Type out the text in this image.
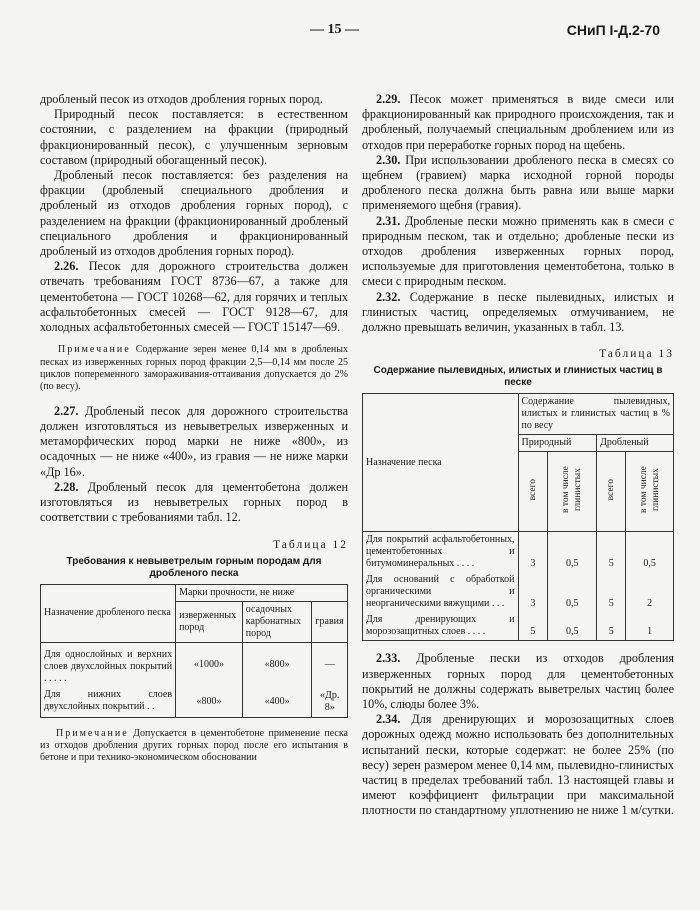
— 15 —	СНиП I-Д.2-70

дробленый песок из отходов дробления горных пород.

Природный песок поставляется: в естественном состоянии, с разделением на фракции (природный фракционированный песок), с улучшенным зерновым составом (природный обогащенный песок).

Дробленый песок поставляется: без разделения на фракции (дробленый специального дробления и дробленый из отходов дробления горных пород), с разделением на фракции (фракционированный дробленый специального дробления и фракционированный дробленый из отходов дробления горных пород).

2.26. Песок для дорожного строительства должен отвечать требованиям ГОСТ 8736—67, а также для цементобетона — ГОСТ 10268—62, для горячих и теплых асфальтобетонных смесей — ГОСТ 9128—67, для холодных асфальтобетонных смесей — ГОСТ 15147—69.

Примечание Содержание зерен менее 0,14 мм в дробленых песках из изверженных горных пород фракции 2,5—0,14 мм после 25 циклов попеременного замораживания-оттаивания допускается до 2% (по весу).

2.27. Дробленый песок для дорожного строительства должен изготовляться из невыветрелых изверженных и метаморфических пород марки не ниже «800», из осадочных — не ниже «400», из гравия — не ниже марки «Др 16».

2.28. Дробленый песок для цементобетона должен изготовляться из невыветрелых горных пород в соответствии с требованиями табл. 12.

Таблица 12
Требования к невыветрелым горным породам для дробленого песка
Назначение дробленого песка	Марки прочности, не ниже		
	изверженных пород	осадочных карбонатных пород	гравия
Для однослойных и верхних слоев двухслойных покрытий . . . . .	«1000»	«800»	—
Для нижних слоев двухслойных покрытий . .	«800»	«400»	«Др. 8»

Примечание Допускается в цементобетоне применение песка из отходов дробления других горных пород после его испытания в бетоне и при технико-экономическом обосновании

2.29. Песок может применяться в виде смеси или фракционированный как природного происхождения, так и дробленый, получаемый специальным дроблением или из отходов при переработке горных пород на щебень.

2.30. При использовании дробленого песка в смесях со щебнем (гравием) марка исходной горной породы дробленого песка должна быть равна или выше марки применяемого щебня (гравия).

2.31. Дробленые пески можно применять как в смеси с природным песком, так и отдельно; дробленые пески из отходов дробления изверженных горных пород, используемые для приготовления цементобетона, только в смеси с природным песком.

2.32. Содержание в песке пылевидных, илистых и глинистых частиц, определяемых отмучиванием, не должно превышать величин, указанных в табл. 13.

Таблица 13
Содержание пылевидных, илистых и глинистых частиц в песке
Назначение песка	Содержание пылевидных, илистых и глинистых частиц в % по весу			
	Природный		Дробленый	
	всего	в том числе глинистых	всего	в том числе глинистых
Для покрытий асфальтобетонных, цементобетонных и битумоминеральных . . . .	3	0,5	5	0,5
Для оснований с обработкой органическими и неорганическими вяжущими . . .	3	0,5	5	2
Для дренирующих и морозозащитных слоев . . . .	5	0,5	5	1

2.33. Дробленые пески из отходов дробления изверженных горных пород для цементобетонных покрытий не должны содержать выветрелых частиц более 10%, слюды более 3%.

2.34. Для дренирующих и морозозащитных слоев дорожных одежд можно использовать без дополнительных испытаний пески, которые содержат: не более 25% (по весу) зерен размером менее 0,14 мм, пылевидно-глинистых частиц в пределах требований табл. 13 настоящей главы и имеют коэффициент фильтрации при максимальной плотности по стандартному уплотнению не ниже 1 м/сутки.
